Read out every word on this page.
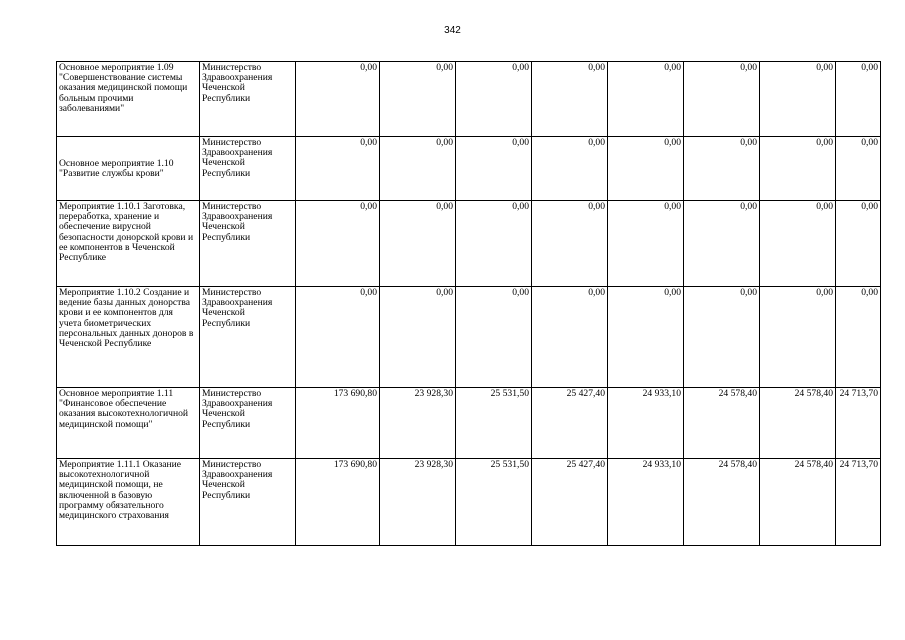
342
Основное мероприятие 1.09 "Совершенствование системы оказания медицинской помощи больным прочими заболеваниями"	Министерство Здравоохранения Чеченской Республики	0,00	0,00	0,00	0,00	0,00	0,00	0,00	0,00
Основное мероприятие 1.10 "Развитие службы крови"	Министерство Здравоохранения Чеченской Республики	0,00	0,00	0,00	0,00	0,00	0,00	0,00	0,00
Мероприятие 1.10.1 Заготовка, переработка, хранение и обеспечение вирусной безопасности донорской крови и ее компонентов в Чеченской Республике	Министерство Здравоохранения Чеченской Республики	0,00	0,00	0,00	0,00	0,00	0,00	0,00	0,00
Мероприятие 1.10.2 Создание и ведение базы данных донорства крови и ее компонентов для учета биометрических персональных данных доноров в Чеченской Республике	Министерство Здравоохранения Чеченской Республики	0,00	0,00	0,00	0,00	0,00	0,00	0,00	0,00
Основное мероприятие 1.11 "Финансовое обеспечение оказания высокотехнологичной медицинской помощи"	Министерство Здравоохранения Чеченской Республики	173 690,80	23 928,30	25 531,50	25 427,40	24 933,10	24 578,40	24 578,40	24 713,70
Мероприятие 1.11.1 Оказание высокотехнологичной медицинской помощи, не включенной в базовую программу обязательного медицинского страхования	Министерство Здравоохранения Чеченской Республики	173 690,80	23 928,30	25 531,50	25 427,40	24 933,10	24 578,40	24 578,40	24 713,70
